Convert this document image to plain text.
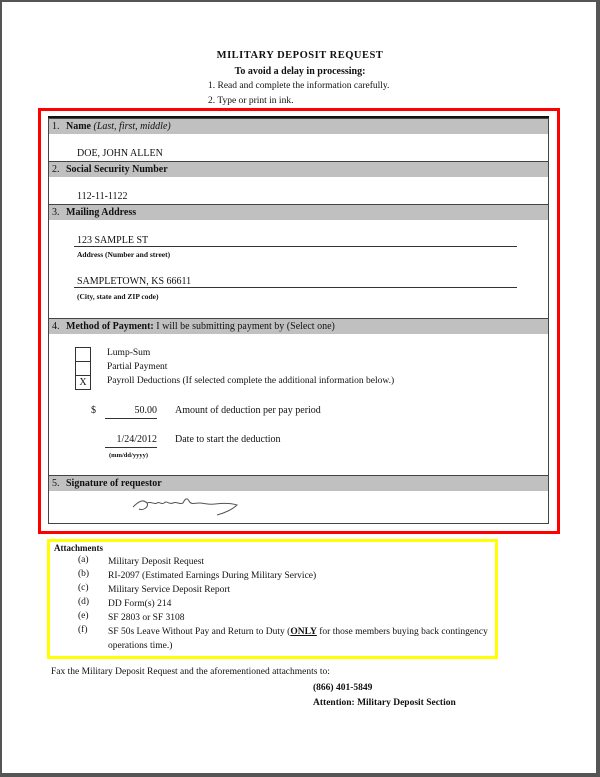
MILITARY DEPOSIT REQUEST
To avoid a delay in processing:
1. Read and complete the information carefully.
2. Type or print in ink.
1. Name (Last, first, middle)
DOE, JOHN ALLEN
2. Social Security Number
112-11-1122
3. Mailing Address
123 SAMPLE ST
Address (Number and street)
SAMPLETOWN, KS 66611
(City, state and ZIP code)
4. Method of Payment: I will be submitting payment by (Select one)
Lump-Sum
Partial Payment
X	Payroll Deductions (If selected complete the additional information below.)
$	50.00 Amount of deduction per pay period
1/24/2012 Date to start the deduction
(mm/dd/yyyy)
5. Signature of requestor
Attachments
(a) Military Deposit Request
(b) RI-2097 (Estimated Earnings During Military Service)
(c) Military Service Deposit Report
(d) DD Form(s) 214
(e) SF 2803 or SF 3108
(f) SF 50s Leave Without Pay and Return to Duty (ONLY for those members buying back contingency operations time.)
Fax the Military Deposit Request and the aforementioned attachments to:
(866) 401-5849
Attention: Military Deposit Section
